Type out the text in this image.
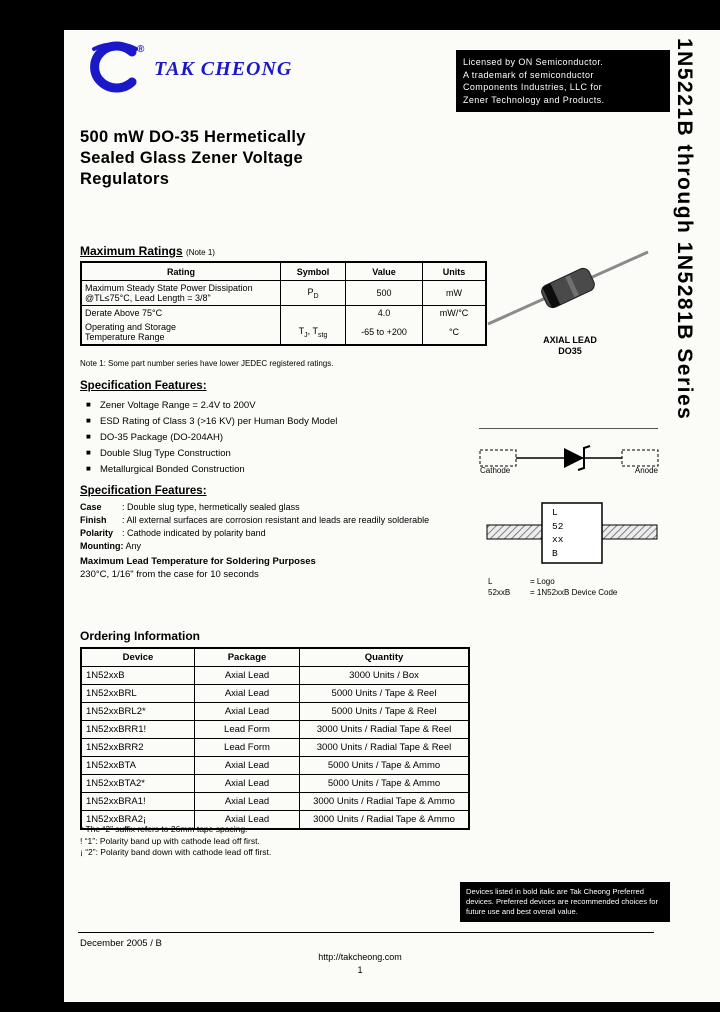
1N5221B through 1N5281B Series
®
TAK CHEONG	Licensed by ON Semiconductor.
A trademark of semiconductor
Components Industries, LLC for
Zener Technology and Products.
500 mW DO-35 Hermetically
Sealed Glass Zener Voltage
Regulators
Maximum Ratings (Note 1)
Rating	Symbol	Value	Units

Maximum Steady State Power Dissipation
@TL≤75°C, Lead Length = 3/8"	$P_D$	500	mW

Derate Above 75°C		4.0	mW/°C

Operating and Storage
Temperature Range	$T_J$, $T_{stg}$	-65 to +200	°C
Note 1: Some part number series have lower JEDEC registered ratings.
AXIAL LEAD
DO35
Specification Features:
■ Zener Voltage Range = 2.4V to 200V
■ ESD Rating of Class 3 (>16 KV) per Human Body Model
■ DO-35 Package (DO-204AH)
■ Double Slug Type Construction
■ Metallurgical Bonded Construction	Cathode	Anode
Specification Features:
Case : Double slug type, hermetically sealed glass
Finish : All external surfaces are corrosion resistant and leads are readily solderable
Polarity : Cathode indicated by polarity band
Mounting: Any
Maximum Lead Temperature for Soldering Purposes
230°C, 1/16" from the case for 10 seconds
L
52
xx
B
L	= Logo
52xxB = 1N52xxB Device Code
Ordering Information
Device	Package	Quantity
1N52xxB	Axial Lead	3000 Units / Box
1N52xxBRL	Axial Lead	5000 Units / Tape & Reel
1N52xxBRL2*	Axial Lead	5000 Units / Tape & Reel
1N52xxBRR1!	Lead Form	3000 Units / Radial Tape & Reel
1N52xxBRR2	Lead Form	3000 Units / Radial Tape & Reel
1N52xxBTA	Axial Lead	5000 Units / Tape & Ammo
1N52xxBTA2*	Axial Lead	5000 Units / Tape & Ammo
1N52xxBRA1!	Axial Lead	3000 Units / Radial Tape & Ammo
1N52xxBRA2¡	Axial Lead	3000 Units / Radial Tape & Ammo
* The “2” suffix refers to 26mm tape spacing.
! “1”: Polarity band up with cathode lead off first.
¡ “2”: Polarity band down with cathode lead off first.
Devices listed in bold italic are Tak Cheong Preferred devices. Preferred devices are recommended choices for future use and best overall value.
December 2005 / B
http://takcheong.com
1
